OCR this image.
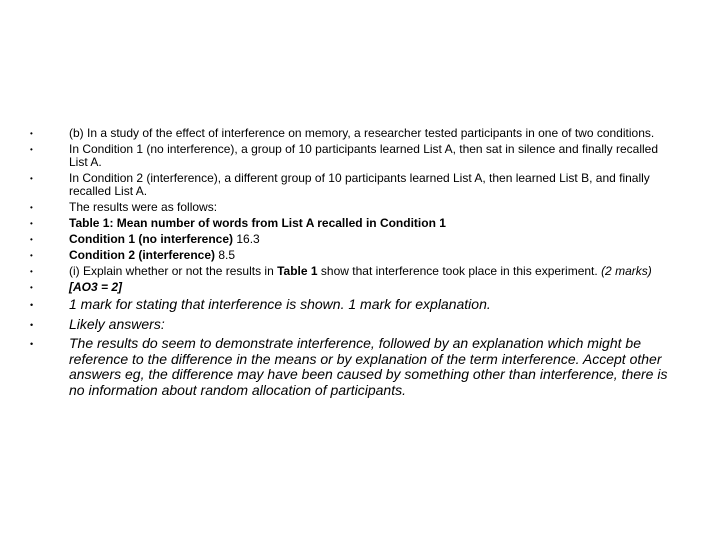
•	(b) In a study of the effect of interference on memory, a researcher tested participants in one of two conditions.
•	In Condition 1 (no interference), a group of 10 participants learned List A, then sat in silence and finally recalled List A.
•	In Condition 2 (interference), a different group of 10 participants learned List A, then learned List B, and finally recalled List A.
•	The results were as follows:
•	Table 1: Mean number of words from List A recalled in Condition 1
•	Condition 1 (no interference) 16.3
•	Condition 2 (interference) 8.5
•	(i) Explain whether or not the results in Table 1 show that interference took place in this experiment. (2 marks)
•	[AO3 = 2]
•	1 mark for stating that interference is shown. 1 mark for explanation.
•	Likely answers:
•	The results do seem to demonstrate interference, followed by an explanation which might be reference to the difference in the means or by explanation of the term interference. Accept other answers eg, the difference may have been caused by something other than interference, there is no information about random allocation of participants.
